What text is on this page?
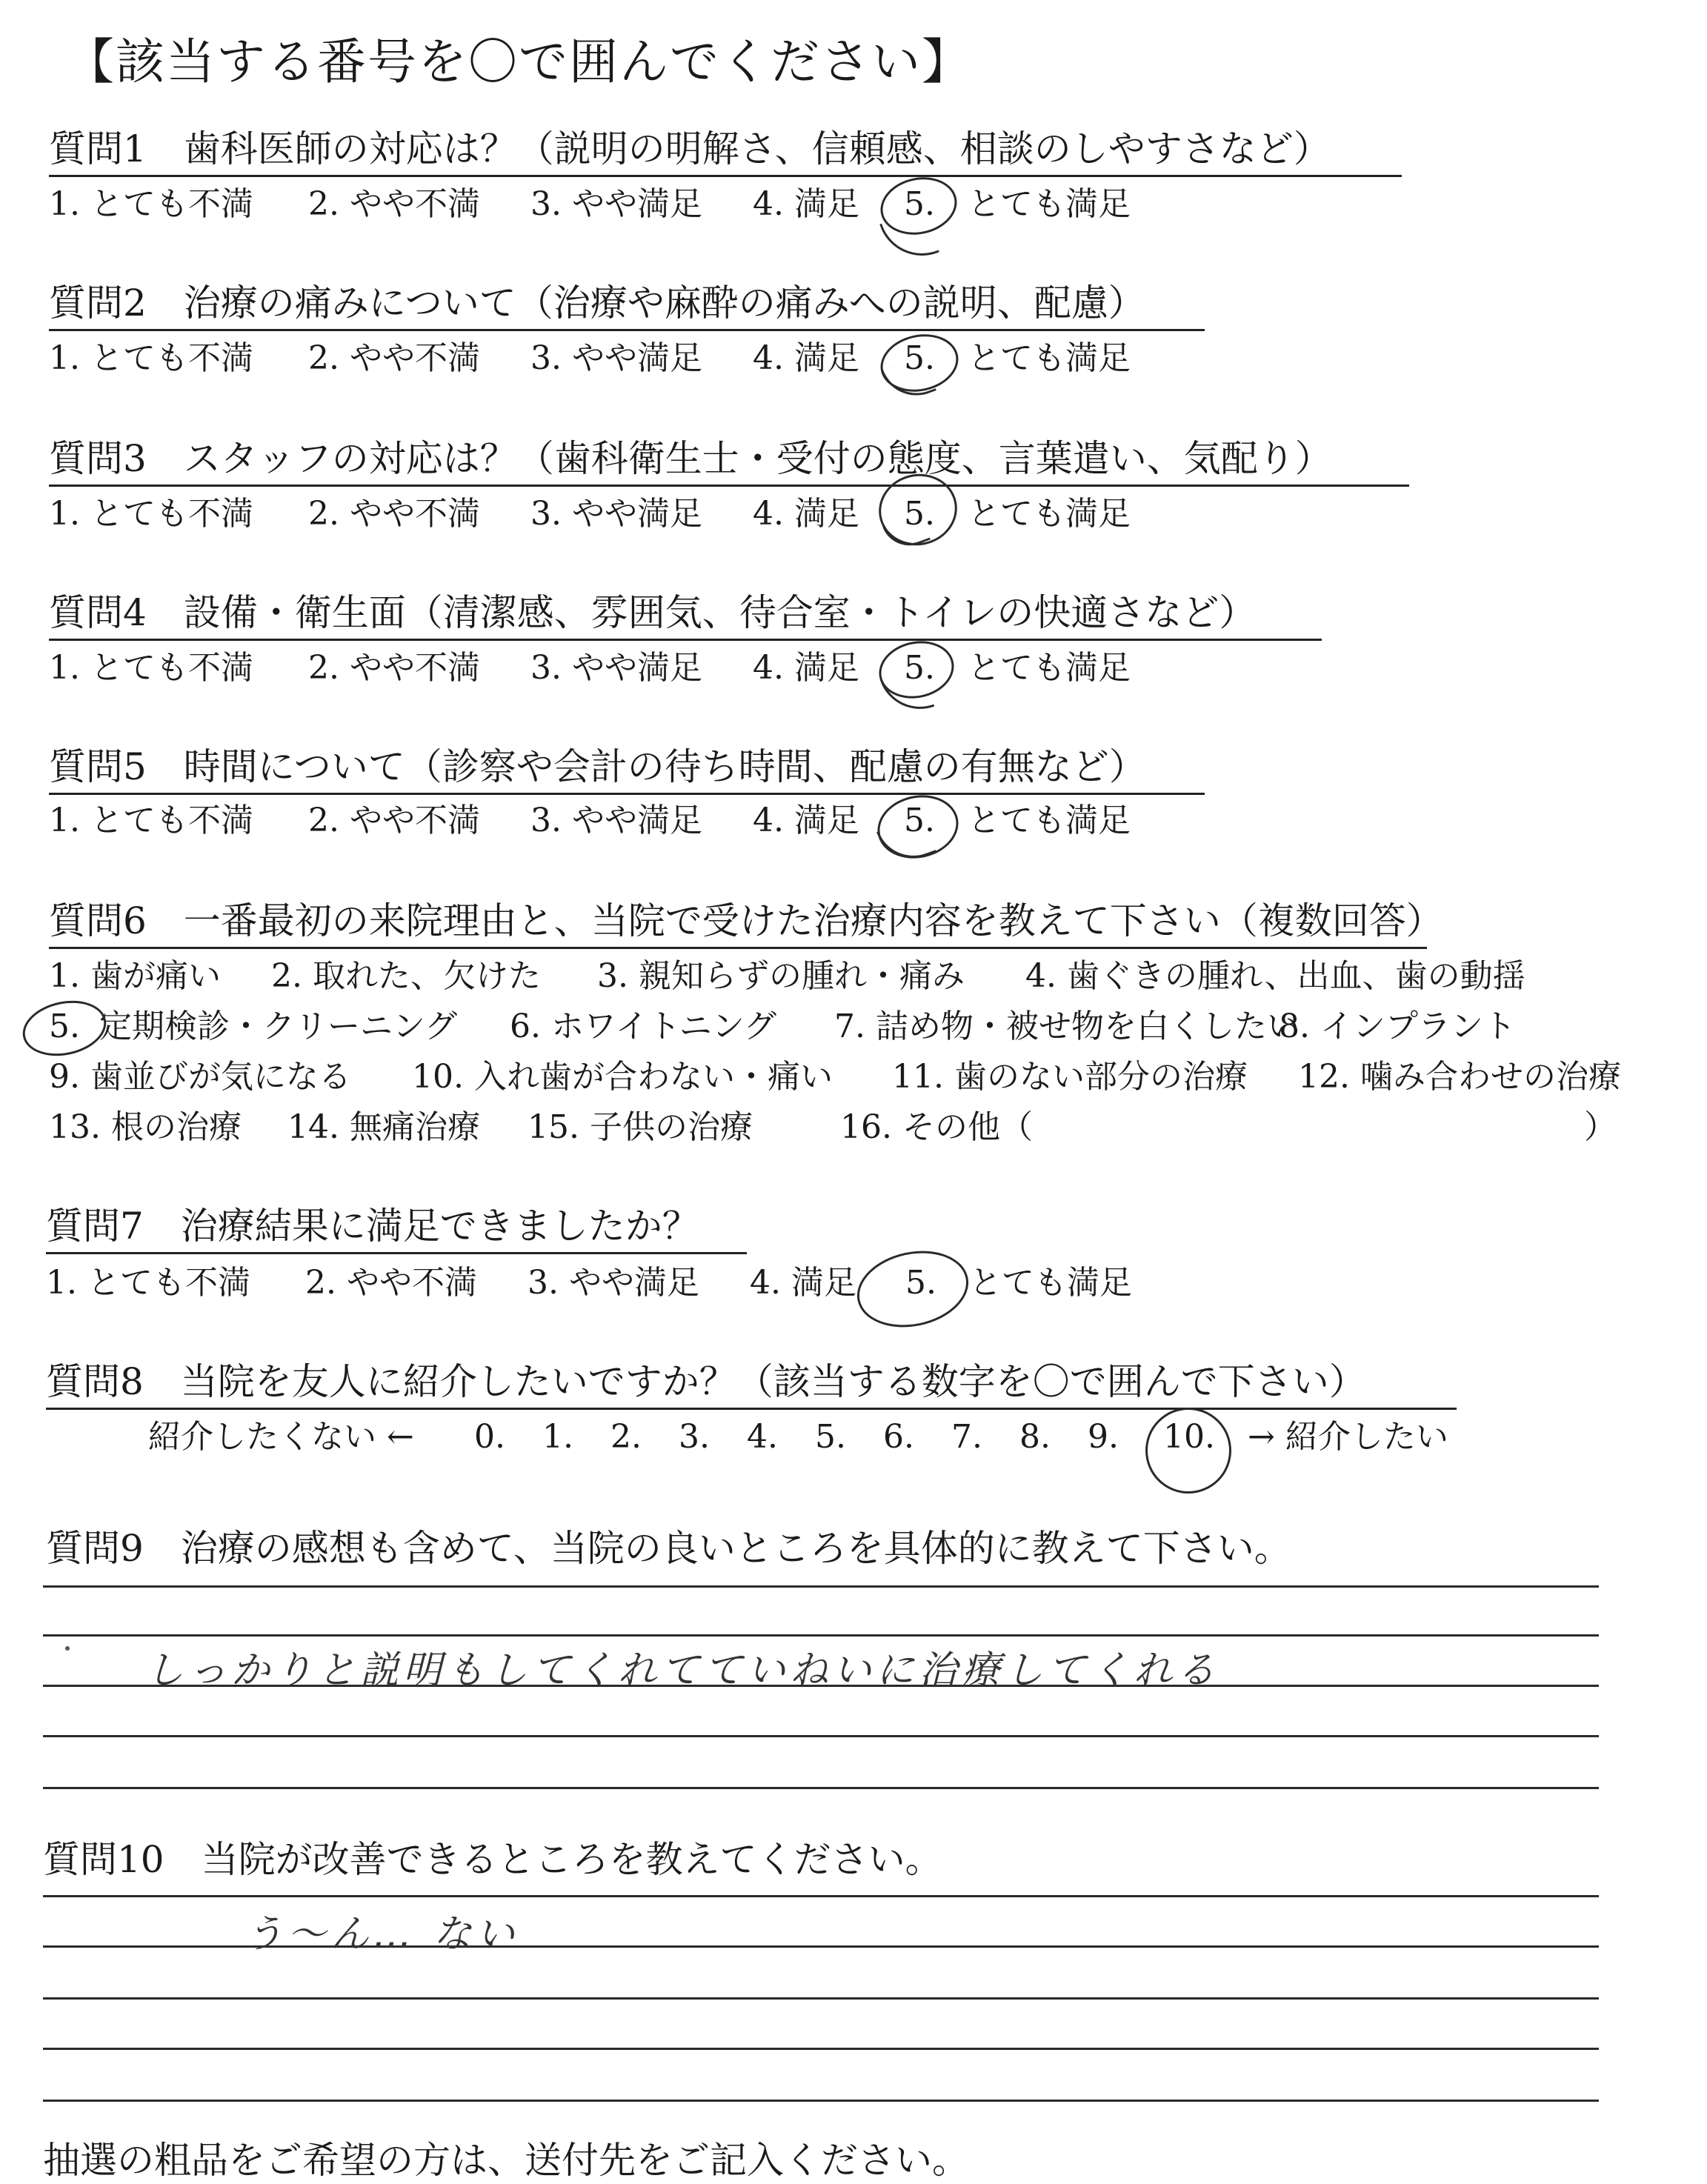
【該当する番号を〇で囲んでください】
質問1　歯科医師の対応は？（説明の明解さ、信頼感、相談のしやすさなど）
1. とても不満 2. やや不満 3. やや満足 4. 満足 5. とても満足
質問2　治療の痛みについて（治療や麻酔の痛みへの説明、配慮）
1. とても不満 2. やや不満 3. やや満足 4. 満足 5. とても満足
質問3　スタッフの対応は？（歯科衛生士・受付の態度、言葉遣い、気配り）
1. とても不満 2. やや不満 3. やや満足 4. 満足 5. とても満足
質問4　設備・衛生面（清潔感、雰囲気、待合室・トイレの快適さなど）
1. とても不満 2. やや不満 3. やや満足 4. 満足 5. とても満足
質問5　時間について（診察や会計の待ち時間、配慮の有無など）
1. とても不満 2. やや不満 3. やや満足 4. 満足 5. とても満足
質問6　一番最初の来院理由と、当院で受けた治療内容を教えて下さい（複数回答）
1. 歯が痛い 2. 取れた、欠けた 3. 親知らずの腫れ・痛み 4. 歯ぐきの腫れ、出血、歯の動揺
5. 定期検診・クリーニング 6. ホワイトニング 7. 詰め物・被せ物を白くしたい
8. インプラント
9. 歯並びが気になる 10. 入れ歯が合わない・痛い 11. 歯のない部分の治療 12. 噛み合わせの治療
13. 根の治療 14. 無痛治療 15. 子供の治療	16. その他（	）
質問7　治療結果に満足できましたか？
1. とても不満 2. やや不満 3. やや満足 4. 満足 5. とても満足
質問8　当院を友人に紹介したいですか？（該当する数字を〇で囲んで下さい）
紹介したくない ← 0. 1. 2. 3. 4. 5. 6. 7. 8. 9. 10. → 紹介したい
質問9　治療の感想も含めて、当院の良いところを具体的に教えて下さい。
しっかりと説明もしてくれてていねいに治療してくれる
質問10　当院が改善できるところを教えてください。
う〜ん… ない
抽選の粗品をご希望の方は、送付先をご記入ください。
